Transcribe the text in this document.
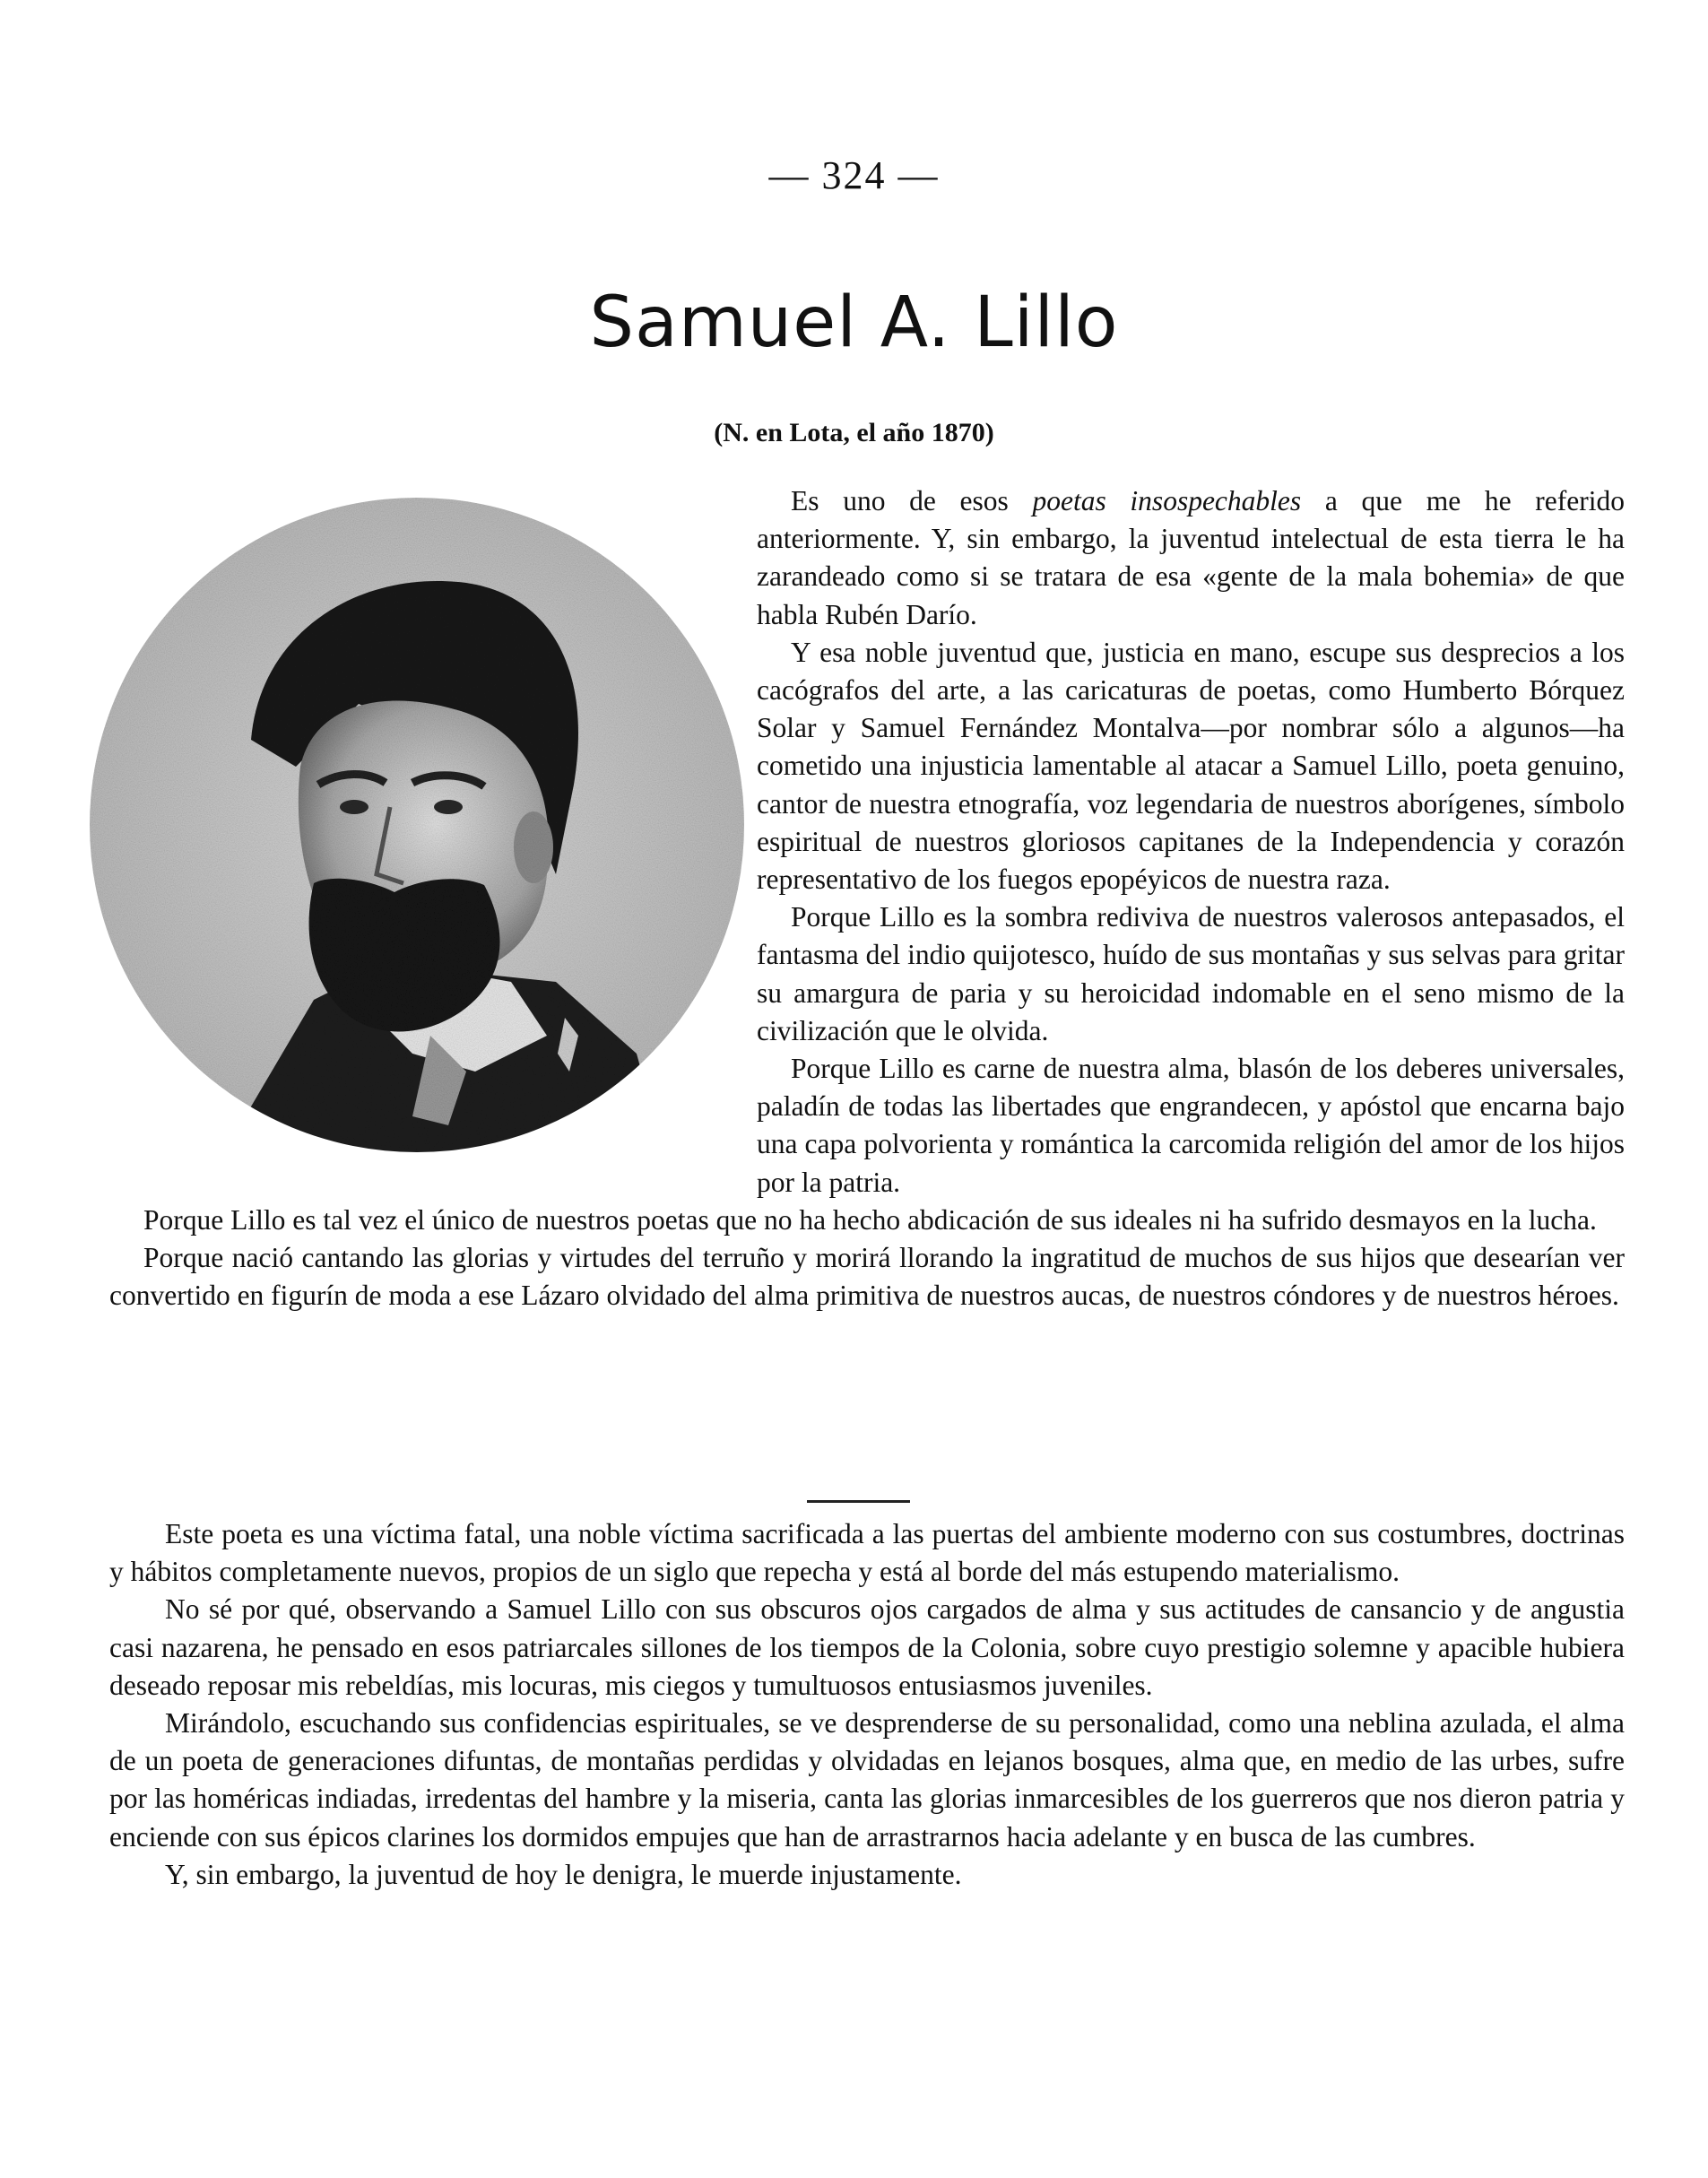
— 324 —
Samuel A. Lillo
(N. en Lota, el año 1870)

Es uno de esos poetas insospechables a que me he referido anteriormente. Y, sin embargo, la juventud intelectual de esta tierra le ha zarandeado como si se tratara de esa «gente de la mala bohemia» de que habla Rubén Darío.

Y esa noble juventud que, justicia en mano, escupe sus desprecios a los cacógrafos del arte, a las caricaturas de poetas, como Humberto Bórquez Solar y Samuel Fernández Montalva—por nombrar sólo a algunos—ha cometido una injusticia lamentable al atacar a Samuel Lillo, poeta genuino, cantor de nuestra etnografía, voz legendaria de nuestros aborígenes, símbolo espiritual de nuestros gloriosos capitanes de la Independencia y corazón representativo de los fuegos epopéyicos de nuestra raza.

Porque Lillo es la sombra rediviva de nuestros valerosos antepasados, el fantasma del indio quijotesco, huído de sus montañas y sus selvas para gritar su amargura de paria y su heroicidad indomable en el seno mismo de la civilización que le olvida.

Porque Lillo es carne de nuestra alma, blasón de los deberes universales, paladín de todas las libertades que engrandecen, y apóstol que encarna bajo una capa polvorienta y romántica la carcomida religión del amor de los hijos por la patria.

Porque Lillo es tal vez el único de nuestros poetas que no ha hecho abdicación de sus ideales ni ha sufrido desmayos en la lucha.

Porque nació cantando las glorias y virtudes del terruño y morirá llorando la ingratitud de muchos de sus hijos que desearían ver convertido en figurín de moda a ese Lázaro olvidado del alma primitiva de nuestros aucas, de nuestros cóndores y de nuestros héroes.

Este poeta es una víctima fatal, una noble víctima sacrificada a las puertas del ambiente moderno con sus costumbres, doctrinas y hábitos completamente nuevos, propios de un siglo que repecha y está al borde del más estupendo materialismo.

No sé por qué, observando a Samuel Lillo con sus obscuros ojos cargados de alma y sus actitudes de cansancio y de angustia casi nazarena, he pensado en esos patriarcales sillones de los tiempos de la Colonia, sobre cuyo prestigio solemne y apacible hubiera deseado reposar mis rebeldías, mis locuras, mis ciegos y tumultuosos entusiasmos juveniles.

Mirándolo, escuchando sus confidencias espirituales, se ve desprenderse de su personalidad, como una neblina azulada, el alma de un poeta de generaciones difuntas, de montañas perdidas y olvidadas en lejanos bosques, alma que, en medio de las urbes, sufre por las homéricas indiadas, irredentas del hambre y la miseria, canta las glorias inmarcesibles de los guerreros que nos dieron patria y enciende con sus épicos clarines los dormidos empujes que han de arrastrarnos hacia adelante y en busca de las cumbres.

Y, sin embargo, la juventud de hoy le denigra, le muerde injustamente.
